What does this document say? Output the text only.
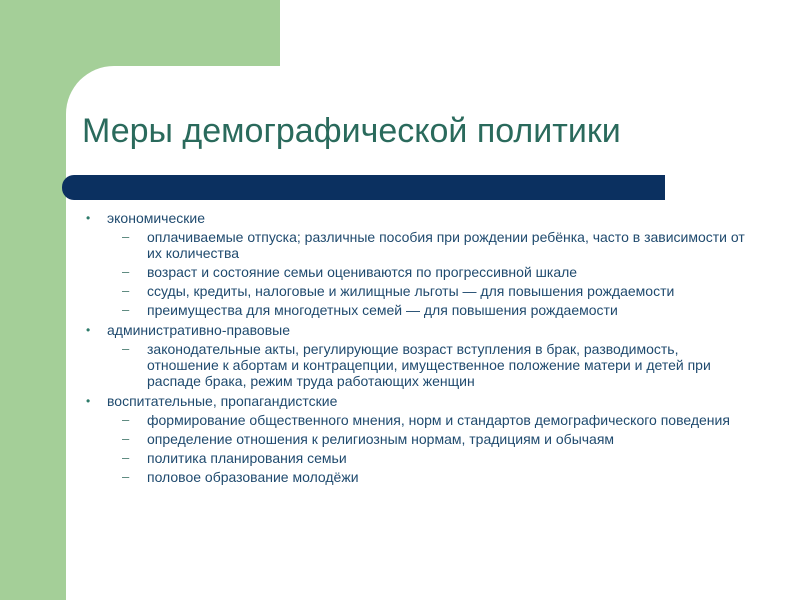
Меры демографической политики
• экономические
– оплачиваемые отпуска; различные пособия при рождении ребёнка, часто в зависимости от их количества
– возраст и состояние семьи оцениваются по прогрессивной шкале
– ссуды, кредиты, налоговые и жилищные льготы — для повышения рождаемости
– преимущества для многодетных семей — для повышения рождаемости
• административно-правовые
– законодательные акты, регулирующие возраст вступления в брак, разводимость, отношение к абортам и контрацепции, имущественное положение матери и детей при распаде брака, режим труда работающих женщин
• воспитательные, пропагандистские
– формирование общественного мнения, норм и стандартов демографического поведения
– определение отношения к религиозным нормам, традициям и обычаям
– политика планирования семьи
– половое образование молодёжи
